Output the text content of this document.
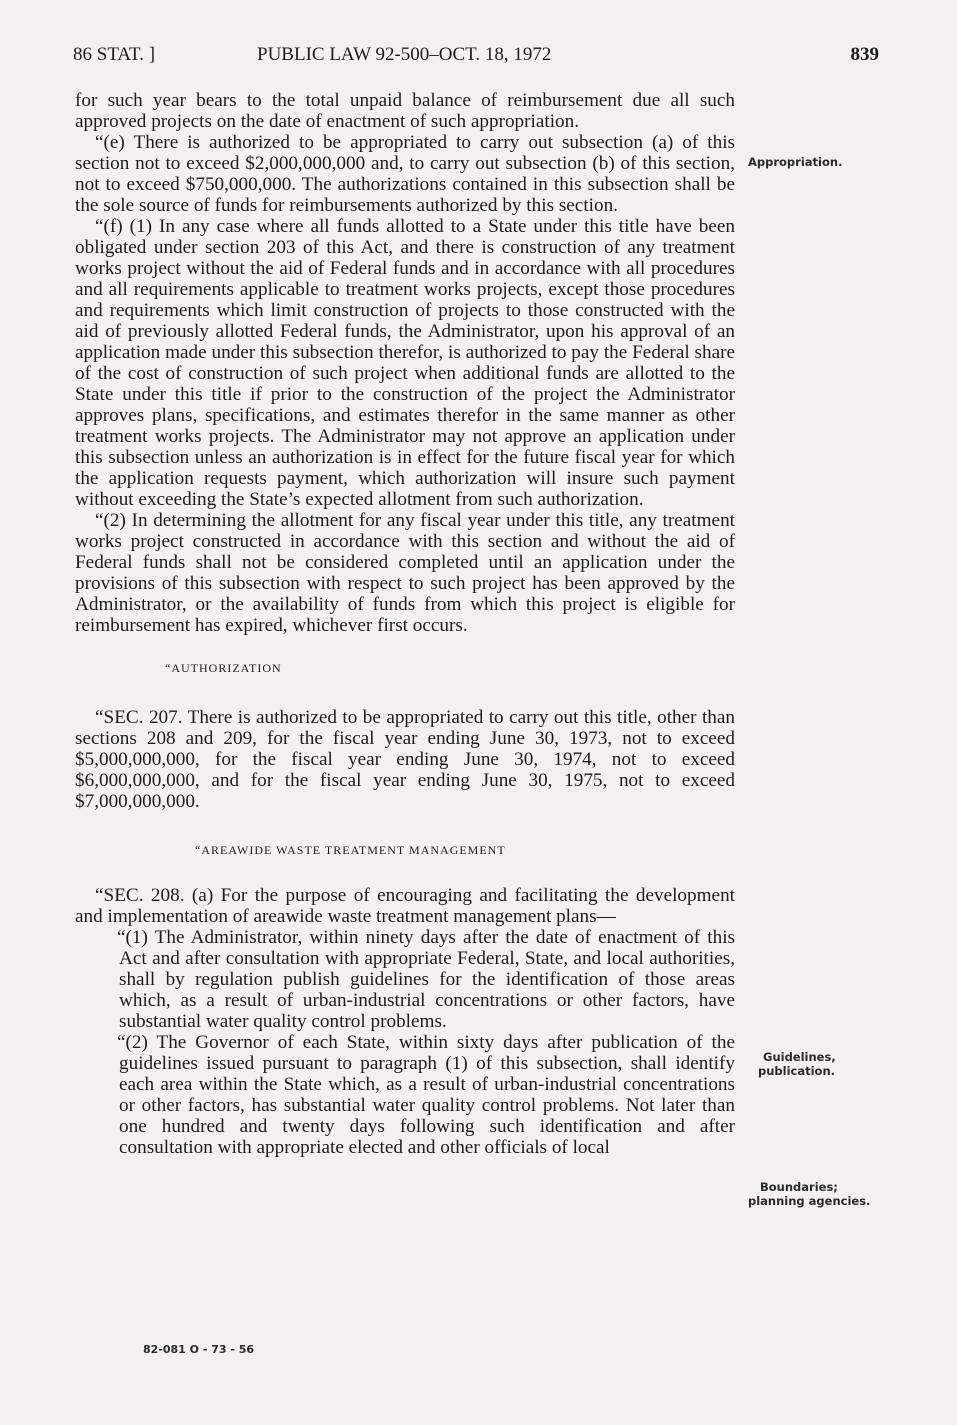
86 STAT. ]	PUBLIC LAW 92-500–OCT. 18, 1972	839

for such year bears to the total unpaid balance of reimbursement due all such approved projects on the date of enactment of such appropriation.

“(e) There is authorized to be appropriated to carry out subsection (a) of this section not to exceed $2,000,000,000 and, to carry out subsection (b) of this section, not to exceed $750,000,000. The authorizations contained in this subsection shall be the sole source of funds for reimbursements authorized by this section.

“(f) (1) In any case where all funds allotted to a State under this title have been obligated under section 203 of this Act, and there is construction of any treatment works project without the aid of Federal funds and in accordance with all procedures and all requirements applicable to treatment works projects, except those procedures and requirements which limit construction of projects to those constructed with the aid of previously allotted Federal funds, the Administrator, upon his approval of an application made under this subsection therefor, is authorized to pay the Federal share of the cost of construction of such project when additional funds are allotted to the State under this title if prior to the construction of the project the Administrator approves plans, specifications, and estimates therefor in the same manner as other treatment works projects. The Administrator may not approve an application under this subsection unless an authorization is in effect for the future fiscal year for which the application requests payment, which authorization will insure such payment without exceeding the State’s expected allotment from such authorization.

“(2) In determining the allotment for any fiscal year under this title, any treatment works project constructed in accordance with this section and without the aid of Federal funds shall not be considered completed until an application under the provisions of this subsection with respect to such project has been approved by the Administrator, or the availability of funds from which this project is eligible for reimbursement has expired, whichever first occurs.

“AUTHORIZATION

“SEC. 207. There is authorized to be appropriated to carry out this title, other than sections 208 and 209, for the fiscal year ending June 30, 1973, not to exceed $5,000,000,000, for the fiscal year ending June 30, 1974, not to exceed $6,000,000,000, and for the fiscal year ending June 30, 1975, not to exceed $7,000,000,000.

“AREAWIDE WASTE TREATMENT MANAGEMENT

“SEC. 208. (a) For the purpose of encouraging and facilitating the development and implementation of areawide waste treatment management plans—

“(1) The Administrator, within ninety days after the date of enactment of this Act and after consultation with appropriate Federal, State, and local authorities, shall by regulation publish guidelines for the identification of those areas which, as a result of urban-industrial concentrations or other factors, have substantial water quality control problems.

“(2) The Governor of each State, within sixty days after publication of the guidelines issued pursuant to paragraph (1) of this subsection, shall identify each area within the State which, as a result of urban-industrial concentrations or other factors, has substantial water quality control problems. Not later than one hundred and twenty days following such identification and after consultation with appropriate elected and other officials of local

Appropriation.
Guidelines,
publication.
Boundaries;
planning agencies.
82-081 O - 73 - 56
